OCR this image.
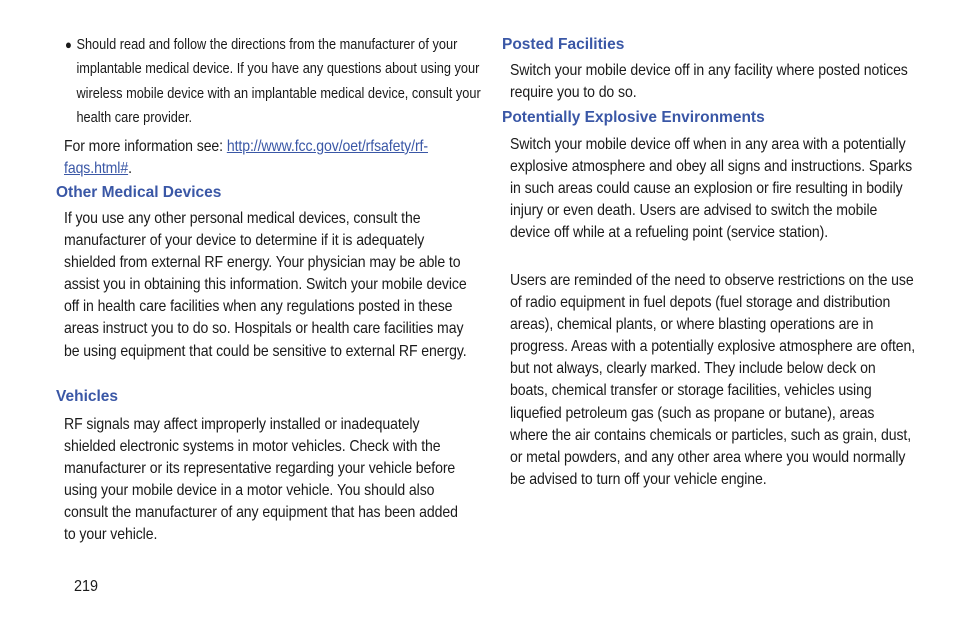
● Should read and follow the directions from the manufacturer of your implantable medical device. If you have any questions about using your wireless mobile device with an implantable medical device, consult your health care provider.

For more information see: http://www.fcc.gov/oet/rfsafety/rf-faqs.html#.

Other Medical Devices

If you use any other personal medical devices, consult the manufacturer of your device to determine if it is adequately shielded from external RF energy. Your physician may be able to assist you in obtaining this information. Switch your mobile device off in health care facilities when any regulations posted in these areas instruct you to do so. Hospitals or health care facilities may be using equipment that could be sensitive to external RF energy.

Vehicles

RF signals may affect improperly installed or inadequately shielded electronic systems in motor vehicles. Check with the manufacturer or its representative regarding your vehicle before using your mobile device in a motor vehicle. You should also consult the manufacturer of any equipment that has been added to your vehicle.

Posted Facilities

Switch your mobile device off in any facility where posted notices require you to do so.

Potentially Explosive Environments

Switch your mobile device off when in any area with a potentially explosive atmosphere and obey all signs and instructions. Sparks in such areas could cause an explosion or fire resulting in bodily injury or even death. Users are advised to switch the mobile device off while at a refueling point (service station).

Users are reminded of the need to observe restrictions on the use of radio equipment in fuel depots (fuel storage and distribution areas), chemical plants, or where blasting operations are in progress. Areas with a potentially explosive atmosphere are often, but not always, clearly marked. They include below deck on boats, chemical transfer or storage facilities, vehicles using liquefied petroleum gas (such as propane or butane), areas where the air contains chemicals or particles, such as grain, dust, or metal powders, and any other area where you would normally be advised to turn off your vehicle engine.

219
